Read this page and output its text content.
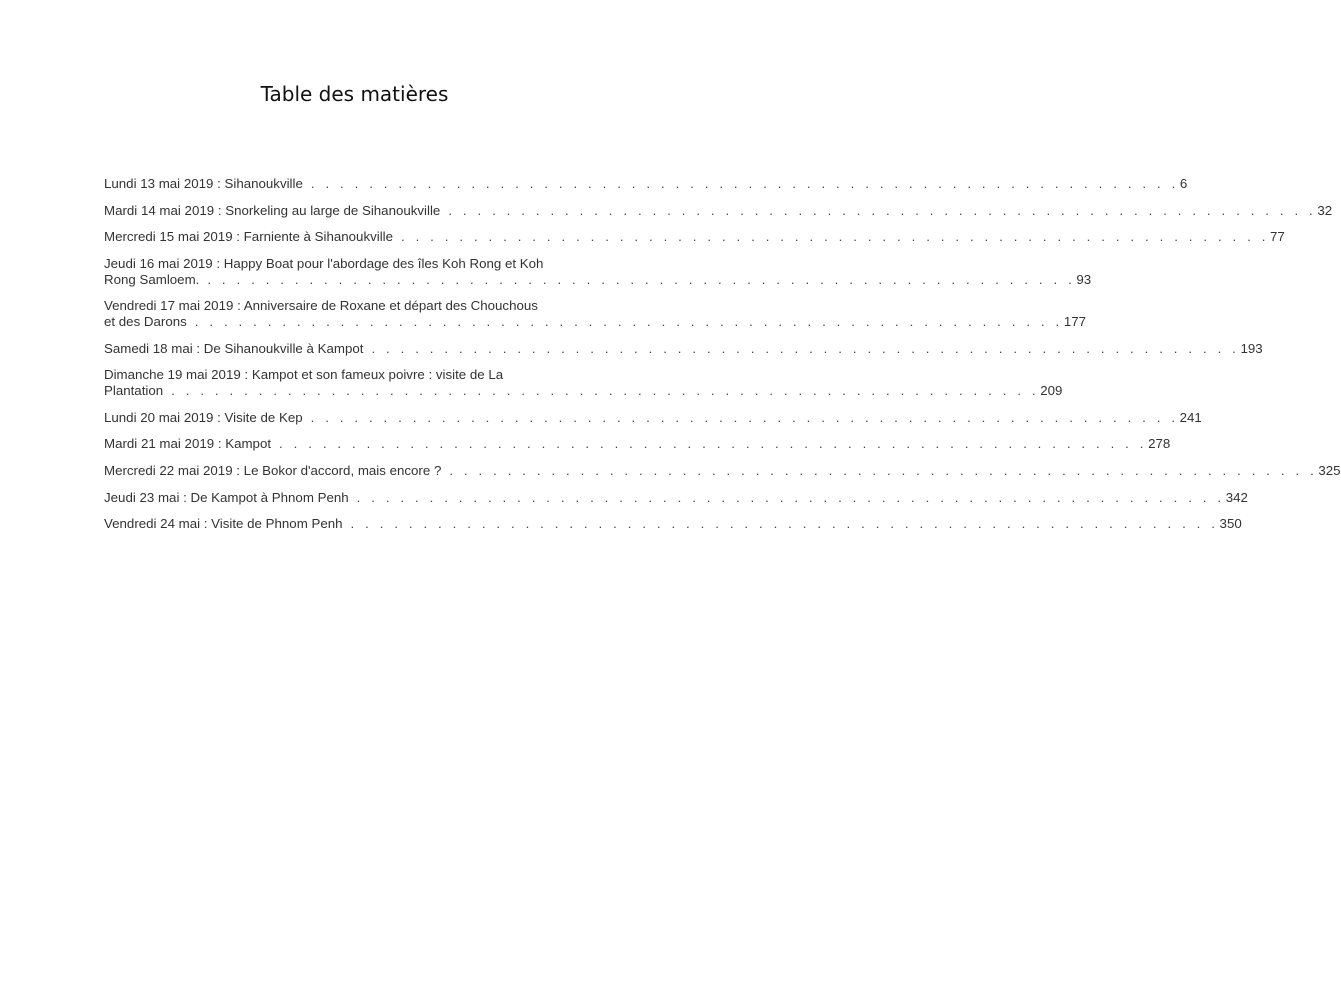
Table des matières
Lundi 13 mai 2019 : Sihanoukville . . .	6
Mardi 14 mai 2019 : Snorkeling au large de Sihanoukville . . .	32
Mercredi 15 mai 2019 : Farniente à Sihanoukville . . .	77
Jeudi 16 mai 2019 : Happy Boat pour l'abordage des îles Koh Rong et Koh
Rong Samloem. . . .	93
Vendredi 17 mai 2019 : Anniversaire de Roxane et départ des Chouchous
et des Darons . . .	177
Samedi 18 mai : De Sihanoukville à Kampot . . .	193
Dimanche 19 mai 2019 : Kampot et son fameux poivre : visite de La
Plantation . . .	209
Lundi 20 mai 2019 : Visite de Kep . . .	241
Mardi 21 mai 2019 : Kampot . . .	278
Mercredi 22 mai 2019 : Le Bokor d'accord, mais encore ? . . .	325
Jeudi 23 mai : De Kampot à Phnom Penh . . .	342
Vendredi 24 mai : Visite de Phnom Penh . . .	350
